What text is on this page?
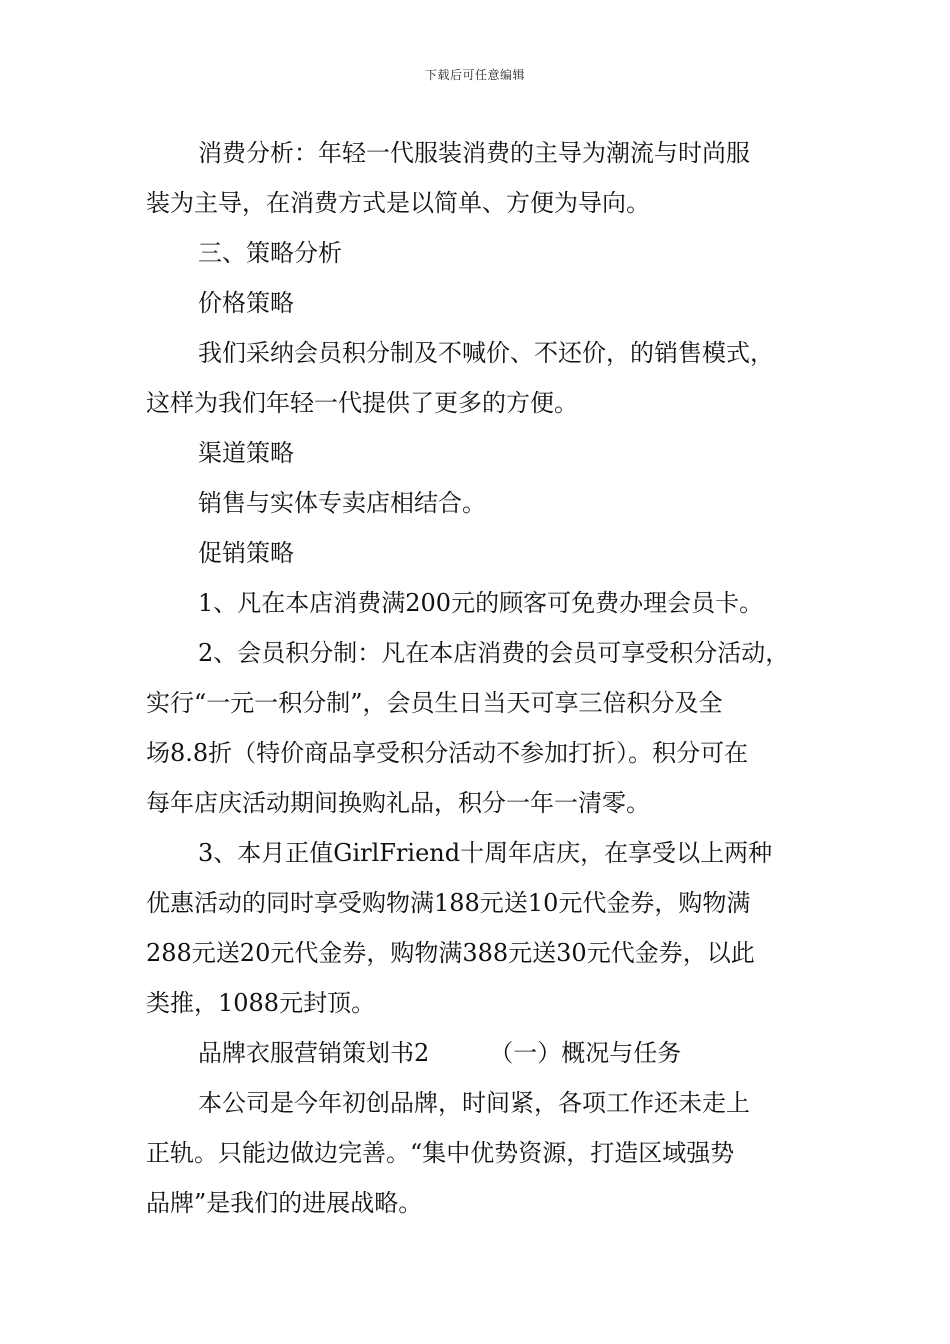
下载后可任意编辑
消费分析：年轻一代服装消费的主导为潮流与时尚服
装为主导，在消费方式是以简单、方便为导向。
三、策略分析
价格策略
我们采纳会员积分制及不喊价、不还价，的销售模式，
这样为我们年轻一代提供了更多的方便。
渠道策略
销售与实体专卖店相结合。
促销策略
1、凡在本店消费满200元的顾客可免费办理会员卡。
2、会员积分制：凡在本店消费的会员可享受积分活动，
实行“一元一积分制”，会员生日当天可享三倍积分及全
场8.8折（特价商品享受积分活动不参加打折）。积分可在
每年店庆活动期间换购礼品，积分一年一清零。
3、本月正值GirlFriend十周年店庆，在享受以上两种
优惠活动的同时享受购物满188元送10元代金券，购物满
288元送20元代金券，购物满388元送30元代金券，以此
类推，1088元封顶。
品牌衣服营销策划书2	（一）概况与任务
本公司是今年初创品牌，时间紧，各项工作还未走上
正轨。只能边做边完善。“集中优势资源，打造区域强势
品牌”是我们的进展战略。
